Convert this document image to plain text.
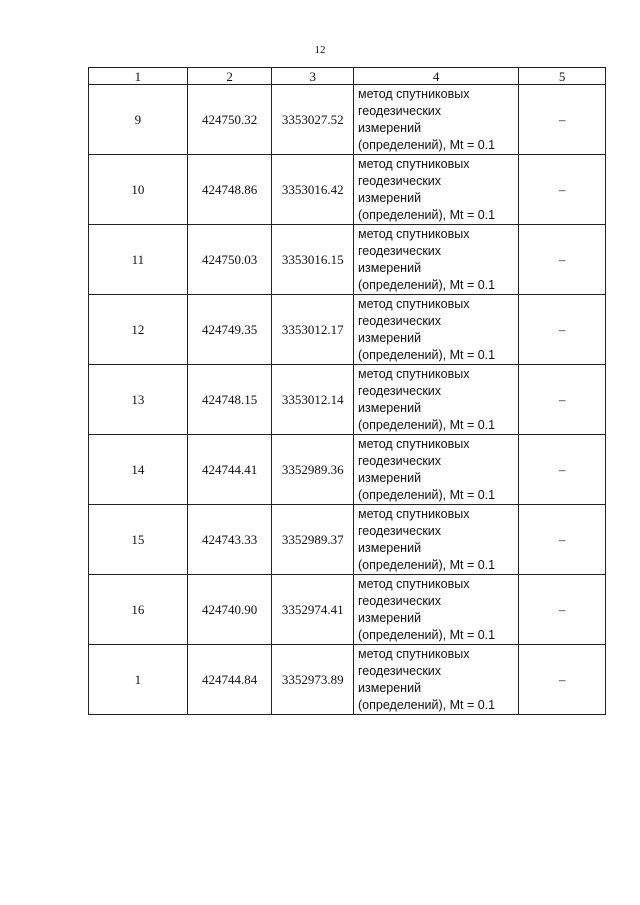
12
1	2	3	4	5
9	424750.32	3353027.52	метод спутниковых
геодезических
измерений
(определений), Mt = 0.1	–
10	424748.86	3353016.42	метод спутниковых
геодезических
измерений
(определений), Mt = 0.1	–
11	424750.03	3353016.15	метод спутниковых
геодезических
измерений
(определений), Mt = 0.1	–
12	424749.35	3353012.17	метод спутниковых
геодезических
измерений
(определений), Mt = 0.1	–
13	424748.15	3353012.14	метод спутниковых
геодезических
измерений
(определений), Mt = 0.1	–
14	424744.41	3352989.36	метод спутниковых
геодезических
измерений
(определений), Mt = 0.1	–
15	424743.33	3352989.37	метод спутниковых
геодезических
измерений
(определений), Mt = 0.1	–
16	424740.90	3352974.41	метод спутниковых
геодезических
измерений
(определений), Mt = 0.1	–
1	424744.84	3352973.89	метод спутниковых
геодезических
измерений
(определений), Mt = 0.1	–
